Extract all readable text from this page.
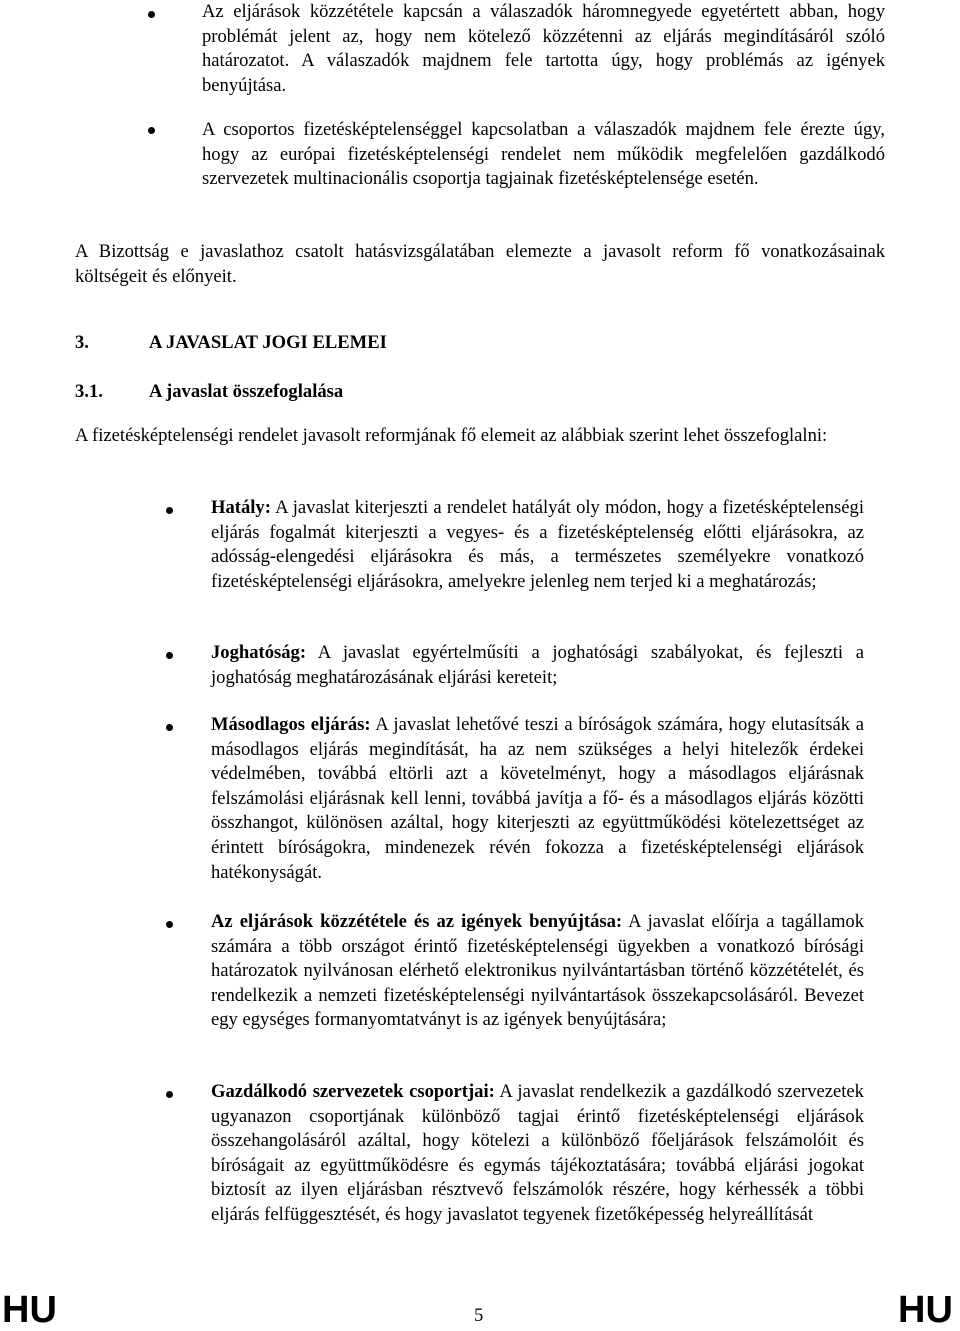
Az eljárások közzététele kapcsán a válaszadók háromnegyede egyetértett abban, hogy problémát jelent az, hogy nem kötelező közzétenni az eljárás megindításáról szóló határozatot. A válaszadók majdnem fele tartotta úgy, hogy problémás az igények benyújtása.

A csoportos fizetésképtelenséggel kapcsolatban a válaszadók majdnem fele érezte úgy, hogy az európai fizetésképtelenségi rendelet nem működik megfelelően gazdálkodó szervezetek multinacionális csoportja tagjainak fizetésképtelensége esetén.

A Bizottság e javaslathoz csatolt hatásvizsgálatában elemezte a javasolt reform fő vonatkozásainak költségeit és előnyeit.

3.	A JAVASLAT JOGI ELEMEI
3.1. A javaslat összefoglalása

A fizetésképtelenségi rendelet javasolt reformjának fő elemeit az alábbiak szerint lehet összefoglalni:

Hatály: A javaslat kiterjeszti a rendelet hatályát oly módon, hogy a fizetésképtelenségi eljárás fogalmát kiterjeszti a vegyes- és a fizetésképtelenség előtti eljárásokra, az adósság-elengedési eljárásokra és más, a természetes személyekre vonatkozó fizetésképtelenségi eljárásokra, amelyekre jelenleg nem terjed ki a meghatározás;

Joghatóság: A javaslat egyértelműsíti a joghatósági szabályokat, és fejleszti a joghatóság meghatározásának eljárási kereteit;

Másodlagos eljárás: A javaslat lehetővé teszi a bíróságok számára, hogy elutasítsák a másodlagos eljárás megindítását, ha az nem szükséges a helyi hitelezők érdekei védelmében, továbbá eltörli azt a követelményt, hogy a másodlagos eljárásnak felszámolási eljárásnak kell lenni, továbbá javítja a fő- és a másodlagos eljárás közötti összhangot, különösen azáltal, hogy kiterjeszti az együttműködési kötelezettséget az érintett bíróságokra, mindenezek révén fokozza a fizetésképtelenségi eljárások hatékonyságát.

Az eljárások közzététele és az igények benyújtása: A javaslat előírja a tagállamok számára a több országot érintő fizetésképtelenségi ügyekben a vonatkozó bírósági határozatok nyilvánosan elérhető elektronikus nyilvántartásban történő közzétételét, és rendelkezik a nemzeti fizetésképtelenségi nyilvántartások összekapcsolásáról. Bevezet egy egységes formanyomtatványt is az igények benyújtására;

Gazdálkodó szervezetek csoportjai: A javaslat rendelkezik a gazdálkodó szervezetek ugyanazon csoportjának különböző tagjai érintő fizetésképtelenségi eljárások összehangolásáról azáltal, hogy kötelezi a különböző főeljárások felszámolóit és bíróságait az együttműködésre és egymás tájékoztatására; továbbá eljárási jogokat biztosít az ilyen eljárásban résztvevő felszámolók részére, hogy kérhessék a többi eljárás felfüggesztését, és hogy javaslatot tegyenek fizetőképesség helyreállítását

HU	5	HU
